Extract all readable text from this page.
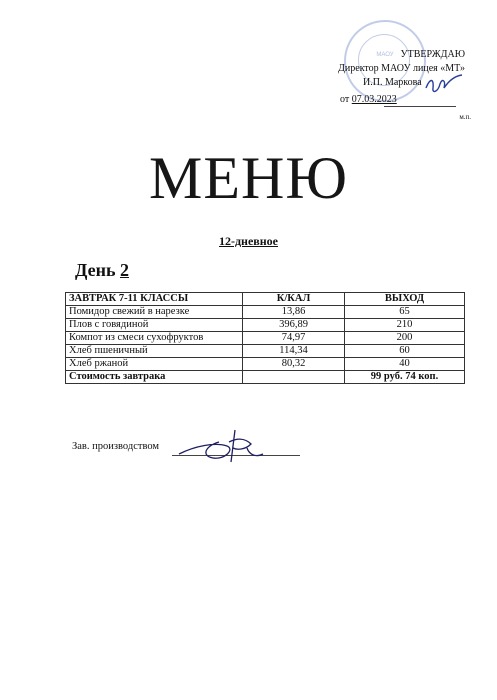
МАОУ УТВЕРЖДАЮ
Директор МАОУ лицея «МТ»
И.П. Маркова
от 07.03.2023
м.п.
МЕНЮ
12-дневное
День 2
ЗАВТРАК 7-11 КЛАССЫ	К/КАЛ	ВЫХОД
Помидор свежий в нарезке	13,86	65
Плов с говядиной	396,89	210
Компот из смеси сухофруктов	74,97	200
Хлеб пшеничный	114,34	60
Хлеб ржаной	80,32	40
Стоимость завтрака		99 руб. 74 коп.
Зав. производством
